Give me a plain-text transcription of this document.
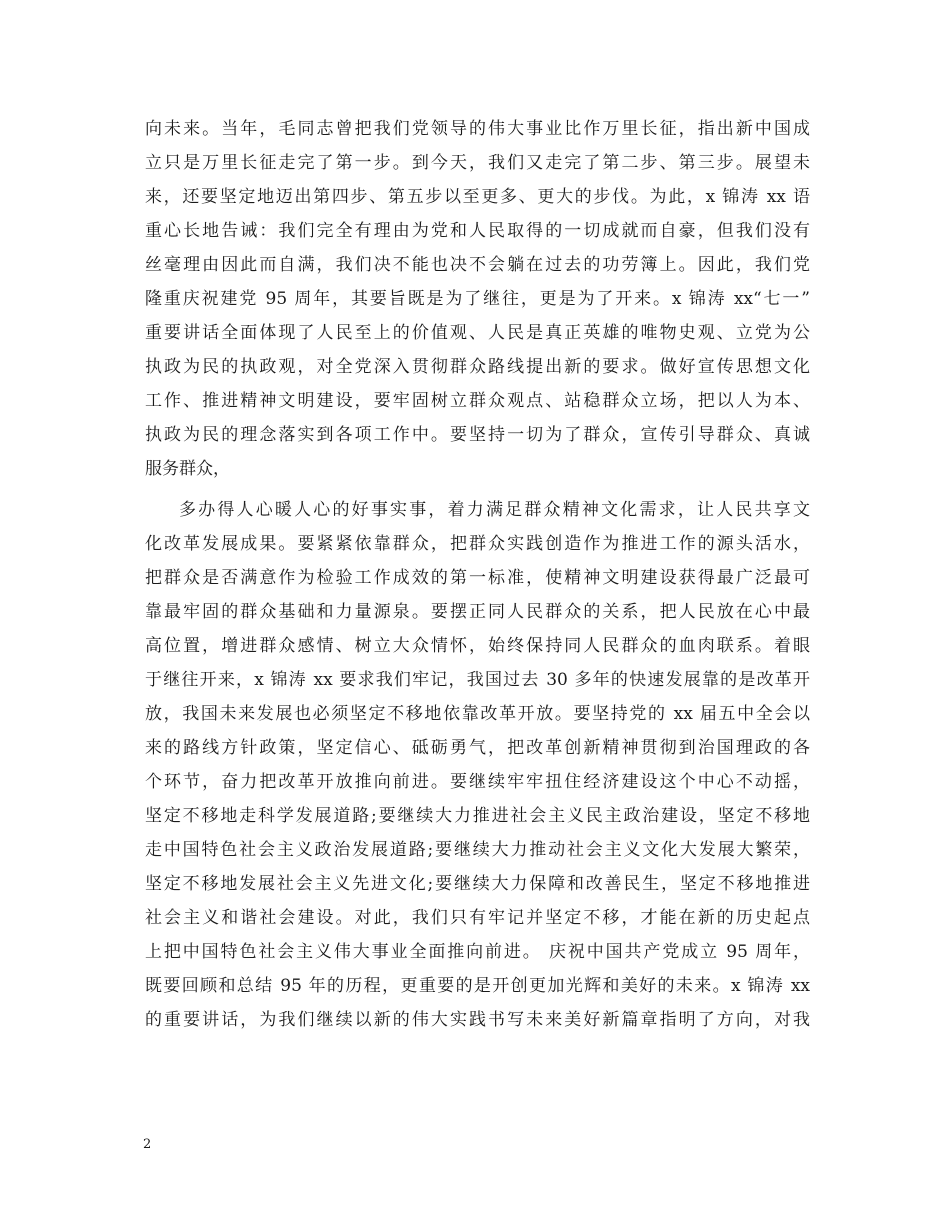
向未来。当年，毛同志曾把我们党领导的伟大事业比作万里长征，指出新中国成
立只是万里长征走完了第一步。到今天，我们又走完了第二步、第三步。展望未
来，还要坚定地迈出第四步、第五步以至更多、更大的步伐。为此，x 锦涛 xx 语
重心长地告诫：我们完全有理由为党和人民取得的一切成就而自豪，但我们没有
丝毫理由因此而自满，我们决不能也决不会躺在过去的功劳簿上。因此，我们党
隆重庆祝建党 95 周年，其要旨既是为了继往，更是为了开来。x 锦涛 xx“七一”
重要讲话全面体现了人民至上的价值观、人民是真正英雄的唯物史观、立党为公
执政为民的执政观，对全党深入贯彻群众路线提出新的要求。做好宣传思想文化
工作、推进精神文明建设，要牢固树立群众观点、站稳群众立场，把以人为本、
执政为民的理念落实到各项工作中。要坚持一切为了群众，宣传引导群众、真诚
服务群众，
多办得人心暖人心的好事实事，着力满足群众精神文化需求，让人民共享文
化改革发展成果。要紧紧依靠群众，把群众实践创造作为推进工作的源头活水，
把群众是否满意作为检验工作成效的第一标准，使精神文明建设获得最广泛最可
靠最牢固的群众基础和力量源泉。要摆正同人民群众的关系，把人民放在心中最
高位置，增进群众感情、树立大众情怀，始终保持同人民群众的血肉联系。着眼
于继往开来，x 锦涛 xx 要求我们牢记，我国过去 30 多年的快速发展靠的是改革开
放，我国未来发展也必须坚定不移地依靠改革开放。要坚持党的 xx 届五中全会以
来的路线方针政策，坚定信心、砥砺勇气，把改革创新精神贯彻到治国理政的各
个环节，奋力把改革开放推向前进。要继续牢牢扭住经济建设这个中心不动摇，
坚定不移地走科学发展道路;要继续大力推进社会主义民主政治建设，坚定不移地
走中国特色社会主义政治发展道路;要继续大力推动社会主义文化大发展大繁荣，
坚定不移地发展社会主义先进文化;要继续大力保障和改善民生，坚定不移地推进
社会主义和谐社会建设。对此，我们只有牢记并坚定不移，才能在新的历史起点
上把中国特色社会主义伟大事业全面推向前进。 庆祝中国共产党成立 95 周年，
既要回顾和总结 95 年的历程，更重要的是开创更加光辉和美好的未来。x 锦涛 xx
的重要讲话，为我们继续以新的伟大实践书写未来美好新篇章指明了方向，对我
2
